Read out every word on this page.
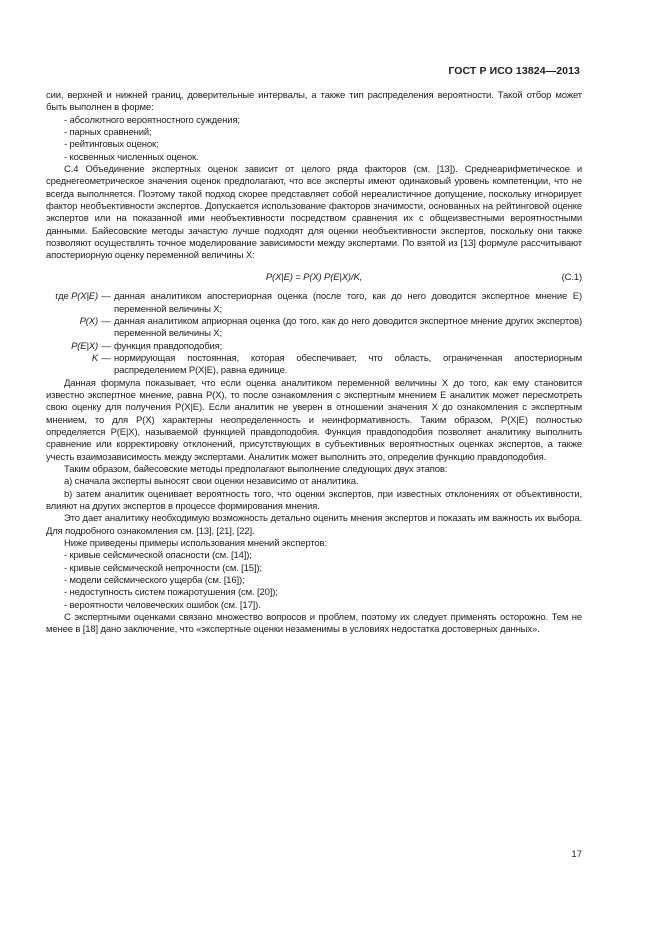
ГОСТ Р ИСО 13824—2013

сии, верхней и нижней границ, доверительные интервалы, а также тип распределения вероятности. Такой отбор может быть выполнен в форме:

- абсолютного вероятностного суждения;
- парных сравнений;
- рейтинговых оценок;
- косвенных численных оценок.

С.4 Объединение экспертных оценок зависит от целого ряда факторов (см. [13]). Среднеарифметическое и среднегеометрическое значения оценок предполагают, что все эксперты имеют одинаковый уровень компетенции, что не всегда выполняется. Поэтому такой подход скорее представляет собой нереалистичное допущение, поскольку игнорирует фактор необъективности экспертов. Допускается использование факторов значимости, основанных на рейтинговой оценке экспертов или на показанной ими необъективности посредством сравнения их с общеизвестными вероятностными данными. Байесовские методы зачастую лучше подходят для оценки необъективности экспертов, поскольку они также позволяют осуществлять точное моделирование зависимости между экспертами. По взятой из [13] формуле рассчитывают апостериорную оценку переменной величины X:

P(X|E) = P(X) P(E|X)/K,	(С.1)
где P(X|E) — данная аналитиком апостериорная оценка (после того, как до него доводится экспертное мнение E) переменной величины X;
P(X) — данная аналитиком априорная оценка (до того, как до него доводится экспертное мнение других экспертов) переменной величины X;
P(E|X) — функция правдоподобия;
K — нормирующая постоянная, которая обеспечивает, что область, ограниченная апостериорным распределением P(X|E), равна единице.

Данная формула показывает, что если оценка аналитиком переменной величины X до того, как ему становится известно экспертное мнение, равна P(X), то после ознакомления с экспертным мнением E аналитик может пересмотреть свою оценку для получения P(X|E). Если аналитик не уверен в отношении значения X до ознакомления с экспертным мнением, то для P(X) характерны неопределенность и неинформативность. Таким образом, P(X|E) полностью определяется P(E|X), называемой функцией правдоподобия. Функция правдоподобия позволяет аналитику выполнить сравнение или корректировку отклонений, присутствующих в субъективных вероятностных оценках экспертов, а также учесть взаимозависимость между экспертами. Аналитик может выполнить это, определив функцию правдоподобия.

Таким образом, байесовские методы предполагают выполнение следующих двух этапов:

a) сначала эксперты выносят свои оценки независимо от аналитика.

b) затем аналитик оценивает вероятность того, что оценки экспертов, при известных отклонениях от объективности, влияют на других экспертов в процессе формирования мнения.

Это дает аналитику необходимую возможность детально оценить мнения экспертов и показать им важность их выбора. Для подробного ознакомления см. [13], [21], [22].

Ниже приведены примеры использования мнений экспертов:

- кривые сейсмической опасности (см. [14]);
- кривые сейсмической непрочности (см. [15]);
- модели сейсмического ущерба (см. [16]);
- недоступность систем пожаротушения (см. [20]);
- вероятности человеческих ошибок (см. [17]).

С экспертными оценками связано множество вопросов и проблем, поэтому их следует применять осторожно. Тем не менее в [18] дано заключение, что «экспертные оценки незаменимы в условиях недостатка достоверных данных».

17
